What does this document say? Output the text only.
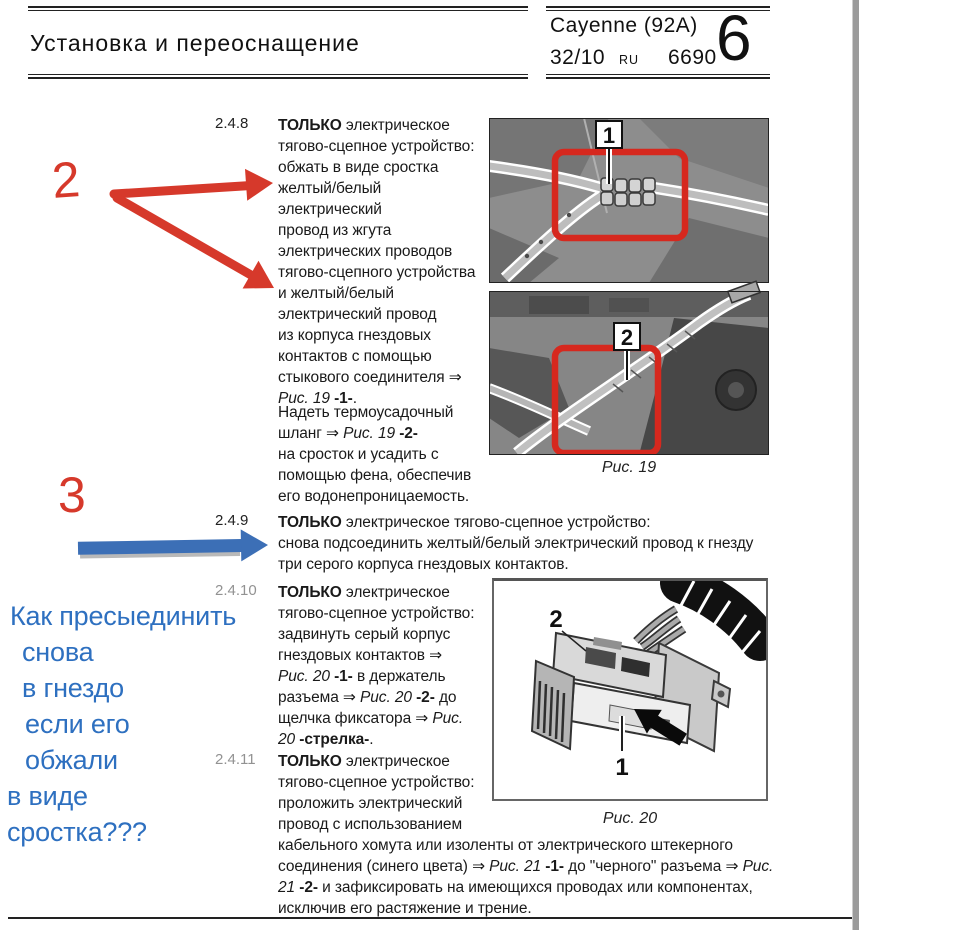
Установка и переоснащение
Cayenne (92A)
32/10 RU 6690 6
2.4.8 ТОЛЬКО электрическое
тягово-сцепное устройство:
обжать в виде сростка
желтый/белый
электрический
провод из жгута
электрических проводов
тягово-сцепного устройства
и желтый/белый
электрический провод
из корпуса гнездовых
контактов с помощью
стыкового соединителя ⇒
Рис. 19 -1-.
Надеть термоусадочный
шланг ⇒ Рис. 19 -2-
на сросток и усадить с
помощью фена, обеспечив
его водонепроницаемость.
2.4.9 ТОЛЬКО электрическое тягово-сцепное устройство:
снова подсоединить желтый/белый электрический провод к гнезду
три серого корпуса гнездовых контактов.
2.4.10 ТОЛЬКО электрическое
тягово-сцепное устройство:
задвинуть серый корпус
гнездовых контактов ⇒
Рис. 20 -1- в держатель
разъема ⇒ Рис. 20 -2- до
щелчка фиксатора ⇒ Рис.
20 -стрелка-.
2.4.11 ТОЛЬКО электрическое
тягово-сцепное устройство:
проложить электрический
провод с использованием
кабельного хомута или изоленты от электрического штекерного
соединения (синего цвета) ⇒ Рис. 21 -1- до "черного" разъема ⇒ Рис.
21 -2- и зафиксировать на имеющихся проводах или компонентах,
исключив его растяжение и трение.
1
2
Рис. 19
2
1
Рис. 20
2
3
Как пресыединить
снова
в гнездо
если его
обжали
в виде
сростка???
